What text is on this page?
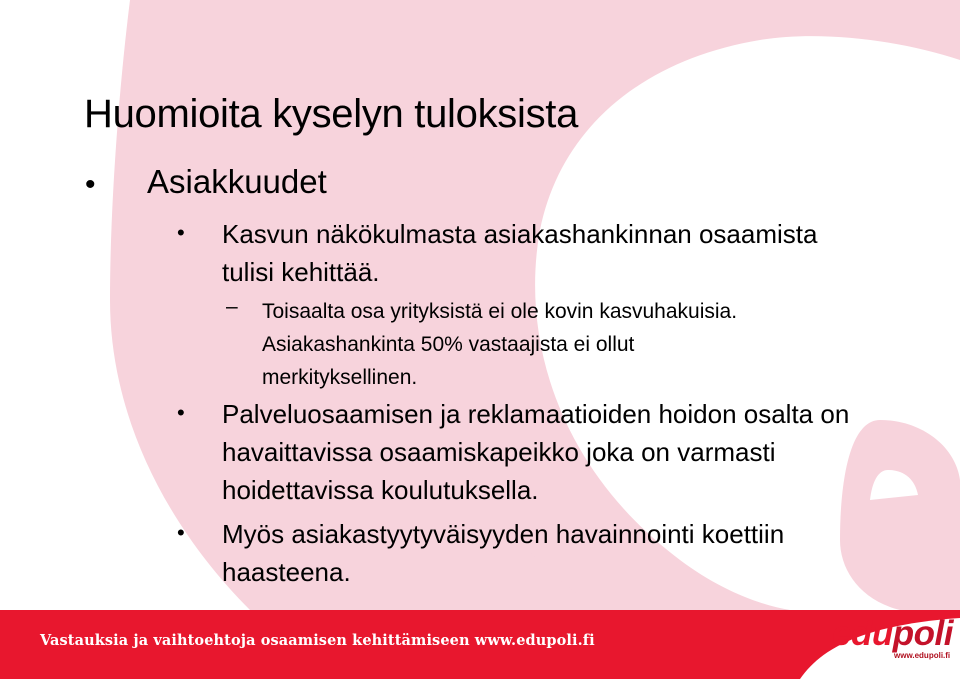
Huomioita kyselyn tuloksista
• Asiakkuudet
• Kasvun näkökulmasta asiakashankinnan osaamista tulisi kehittää.
– Toisaalta osa yrityksistä ei ole kovin kasvuhakuisia. Asiakashankinta 50% vastaajista ei ollut merkityksellinen.
• Palveluosaamisen ja reklamaatioiden hoidon osalta on havaittavissa osaamiskapeikko joka on varmasti hoidettavissa koulutuksella.
• Myös asiakastyytyväisyyden havainnointi koettiin haasteena.
Vastauksia ja vaihtoehtoja osaamisen kehittämiseen www.edupoli.fi	edupoli
www.edupoli.fi
